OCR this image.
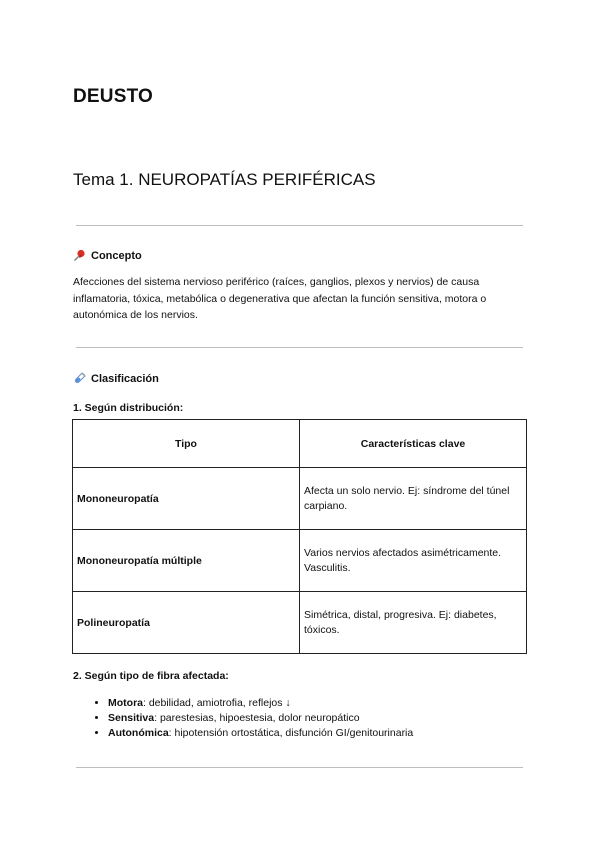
DEUSTO
Tema 1. NEUROPATÍAS PERIFÉRICAS
Concepto
Afecciones del sistema nervioso periférico (raíces, ganglios, plexos y nervios) de causa inflamatoria, tóxica, metabólica o degenerativa que afectan la función sensitiva, motora o autonómica de los nervios.
Clasificación
1. Según distribución:
Tipo	Características clave
Mononeuropatía	Afecta un solo nervio. Ej: síndrome del túnel carpiano.
Mononeuropatía múltiple	Varios nervios afectados asimétricamente. Vasculitis.
Polineuropatía	Simétrica, distal, progresiva. Ej: diabetes, tóxicos.
2. Según tipo de fibra afectada:
• Motora: debilidad, amiotrofia, reflejos ↓
• Sensitiva: parestesias, hipoestesia, dolor neuropático
• Autonómica: hipotensión ortostática, disfunción GI/genitourinaria
